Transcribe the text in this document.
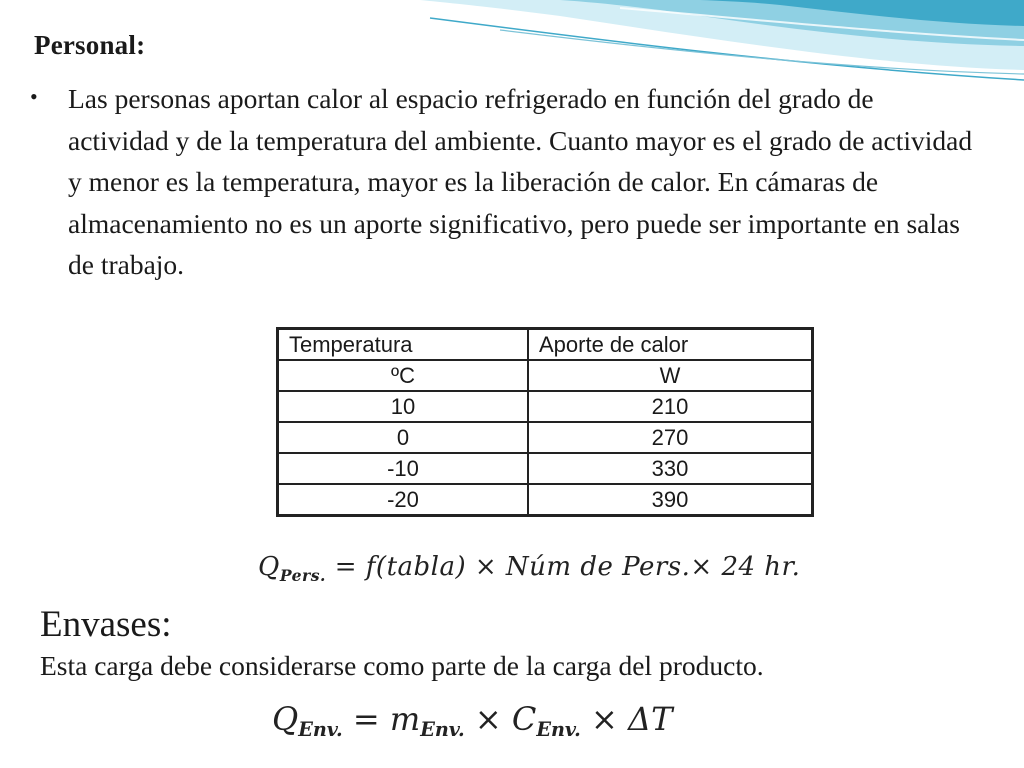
Personal:
• Las personas aportan calor al espacio refrigerado en función del grado de actividad y de la temperatura del ambiente. Cuanto mayor es el grado de actividad y menor es la temperatura, mayor es la liberación de calor. En cámaras de almacenamiento no es un aporte significativo, pero puede ser importante en salas de trabajo.
Temperatura	Aporte de calor
ºC	W
10	210
0	270
-10	330
-20	390
$Q_{Pers.}$ = f(tabla) × Núm de Pers.× 24 hr.
Envases:
Esta carga debe considerarse como parte de la carga del producto.
$Q_{Env.} = m_{Env.} \times C_{Env.} \times \Delta T$
